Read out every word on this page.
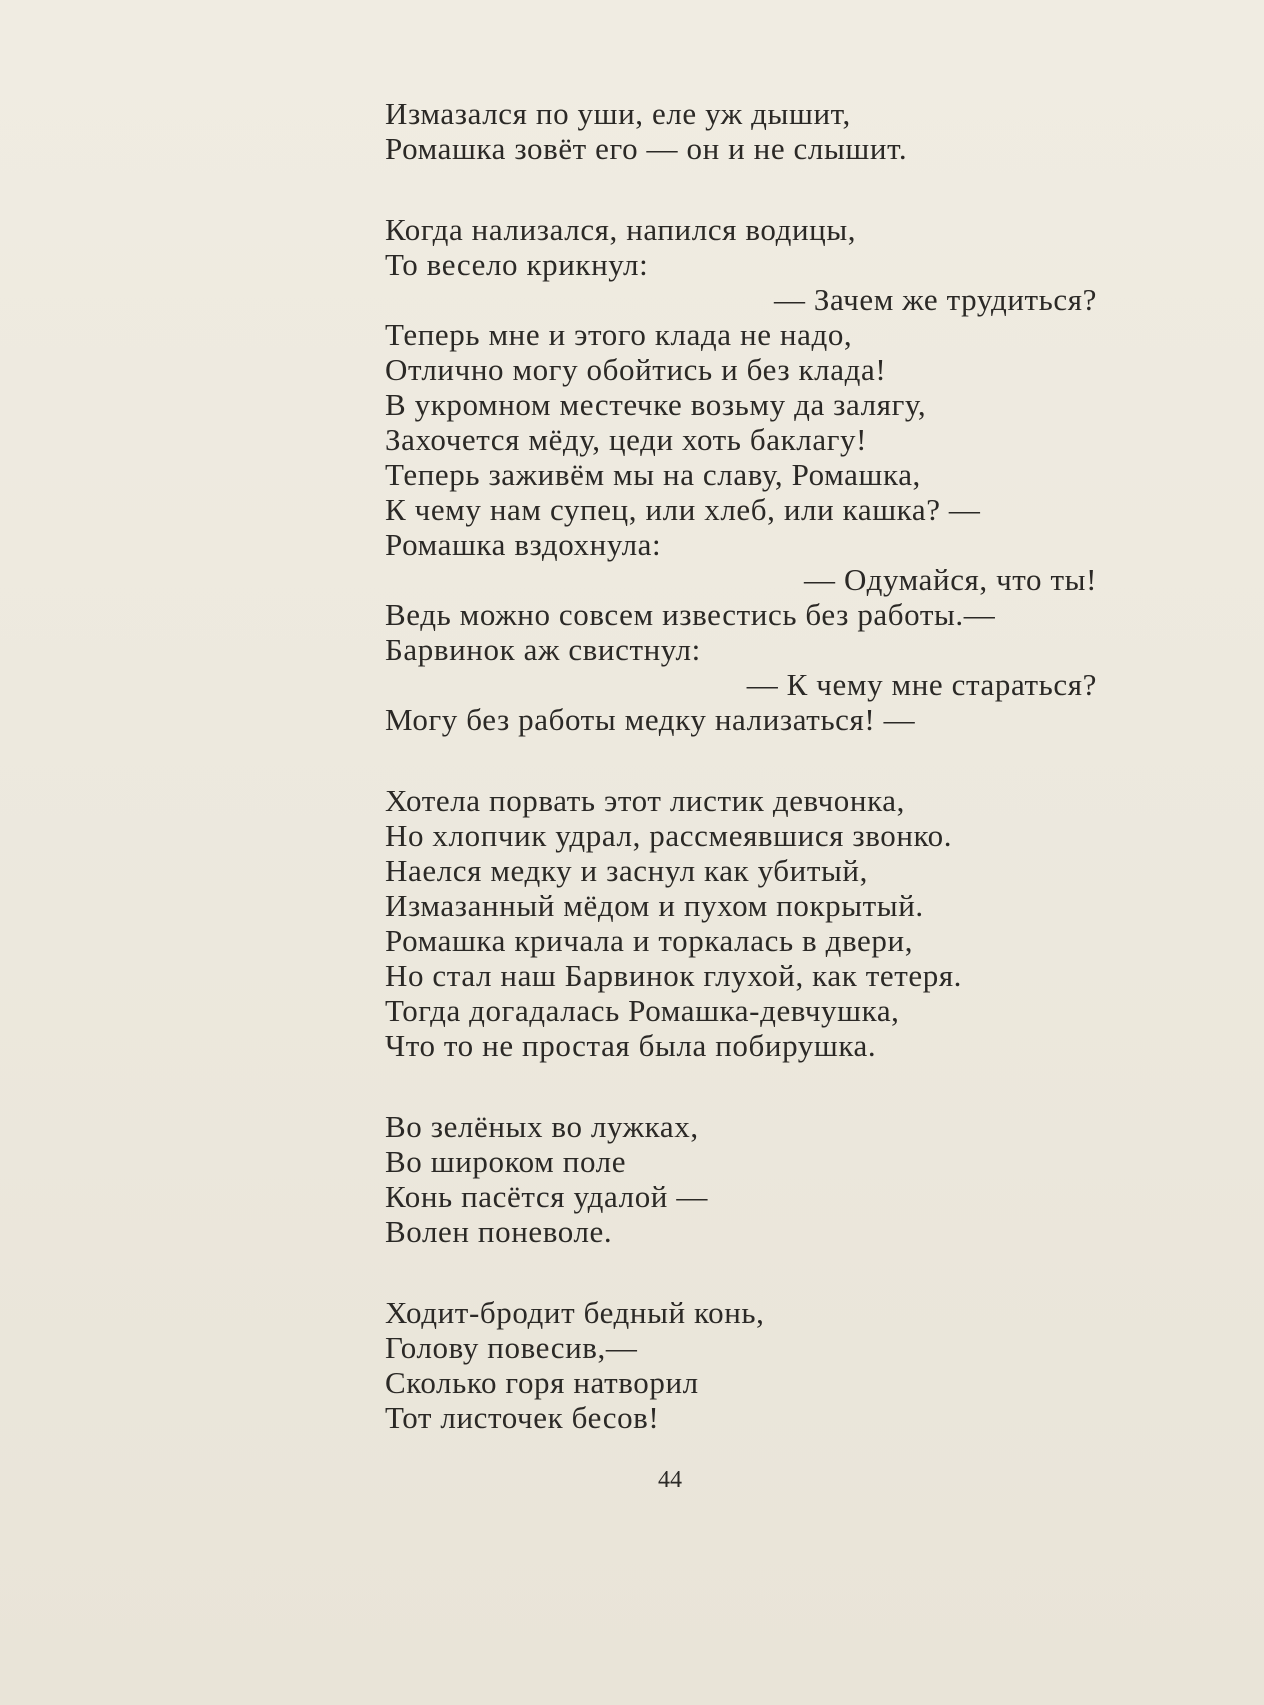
Измазался по уши, еле уж дышит,
Ромашка зовёт его — он и не слышит.
Когда нализался, напился водицы,
То весело крикнул:
— Зачем же трудиться?
Теперь мне и этого клада не надо,
Отлично могу обойтись и без клада!
В укромном местечке возьму да залягу,
Захочется мёду, цеди хоть баклагу!
Теперь заживём мы на славу, Ромашка,
К чему нам супец, или хлеб, или кашка? —
Ромашка вздохнула:
— Одумайся, что ты!
Ведь можно совсем известись без работы.—
Барвинок аж свистнул:
— К чему мне стараться?
Могу без работы медку нализаться! —
Хотела порвать этот листик девчонка,
Но хлопчик удрал, рассмеявшися звонко.
Наелся медку и заснул как убитый,
Измазанный мёдом и пухом покрытый.
Ромашка кричала и торкалась в двери,
Но стал наш Барвинок глухой, как тетеря.
Тогда догадалась Ромашка-девчушка,
Что то не простая была побирушка.
Во зелёных во лужках,
Во широком поле
Конь пасётся удалой —
Волен поневоле.
Ходит-бродит бедный конь,
Голову повесив,—
Сколько горя натворил
Тот листочек бесов!
44
